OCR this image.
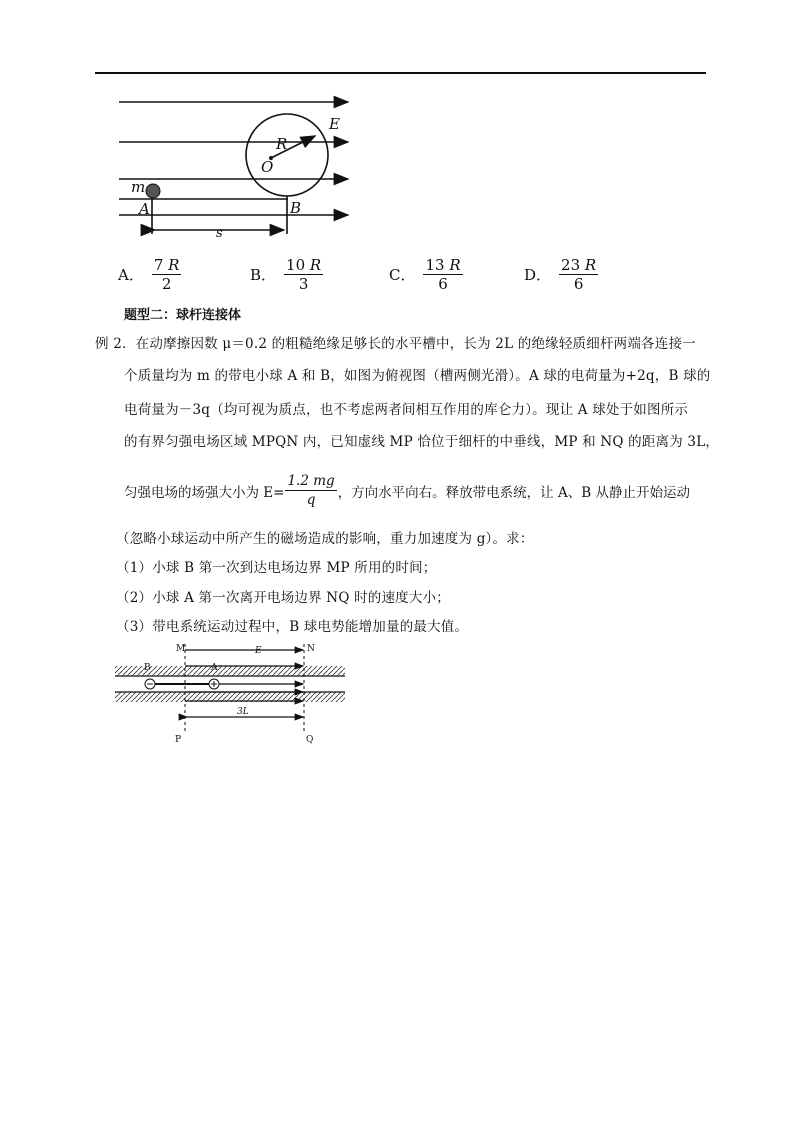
E
R
O
m
A	B
s
A． $\frac{7 R}{2}$	B． $\frac{10 R}{3}$	C． $\frac{13 R}{6}$	D． $\frac{23 R}{6}$
题型二：球杆连接体
例 2．在动摩擦因数 μ＝0.2 的粗糙绝缘足够长的水平槽中，长为 2L 的绝缘轻质细杆两端各连接一
个质量均为 m 的带电小球 A 和 B，如图为俯视图（槽两侧光滑）。A 球的电荷量为+2q，B 球的
电荷量为－3q（均可视为质点，也不考虑两者间相互作用的库仑力）。现让 A 球处于如图所示
的有界匀强电场区域 MPQN 内，已知虚线 MP 恰位于细杆的中垂线，MP 和 NQ 的距离为 3L，
匀强电场的场强大小为 $E= \frac{1.2 mg}{q}$ ，方向水平向右。释放带电系统，让 A、B 从静止开始运动
（忽略小球运动中所产生的磁场造成的影响，重力加速度为 g）。求：
（1）小球 B 第一次到达电场边界 MP 所用的时间；
（2）小球 A 第一次离开电场边界 NQ 时的速度大小；
（3）带电系统运动过程中，B 球电势能增加量的最大值。
M	N
E
B	A
3L
P	Q
